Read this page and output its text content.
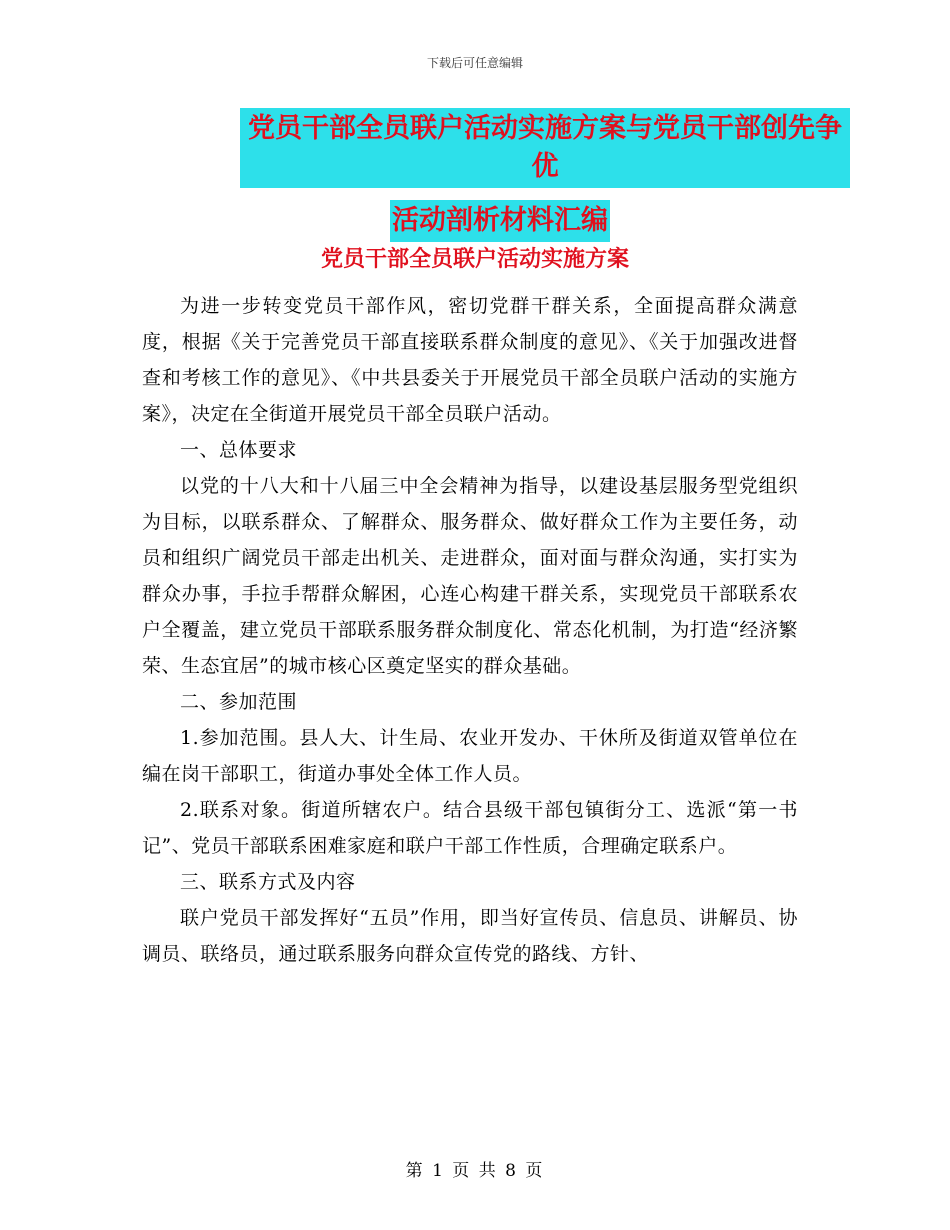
下载后可任意编辑
党员干部全员联户活动实施方案与党员干部创先争优
活动剖析材料汇编
党员干部全员联户活动实施方案

为进一步转变党员干部作风，密切党群干群关系，全面提高群众满意度，根据《关于完善党员干部直接联系群众制度的意见》、《关于加强改进督查和考核工作的意见》、《中共县委关于开展党员干部全员联户活动的实施方案》，决定在全街道开展党员干部全员联户活动。

一、总体要求

以党的十八大和十八届三中全会精神为指导，以建设基层服务型党组织为目标，以联系群众、了解群众、服务群众、做好群众工作为主要任务，动员和组织广阔党员干部走出机关、走进群众，面对面与群众沟通，实打实为群众办事，手拉手帮群众解困，心连心构建干群关系，实现党员干部联系农户全覆盖，建立党员干部联系服务群众制度化、常态化机制，为打造“经济繁荣、生态宜居”的城市核心区奠定坚实的群众基础。

二、参加范围

1.参加范围。县人大、计生局、农业开发办、干休所及街道双管单位在编在岗干部职工，街道办事处全体工作人员。

2.联系对象。街道所辖农户。结合县级干部包镇街分工、选派“第一书记”、党员干部联系困难家庭和联户干部工作性质，合理确定联系户。

三、联系方式及内容

联户党员干部发挥好“五员”作用，即当好宣传员、信息员、讲解员、协调员、联络员，通过联系服务向群众宣传党的路线、方针、

第 1 页 共 8 页
